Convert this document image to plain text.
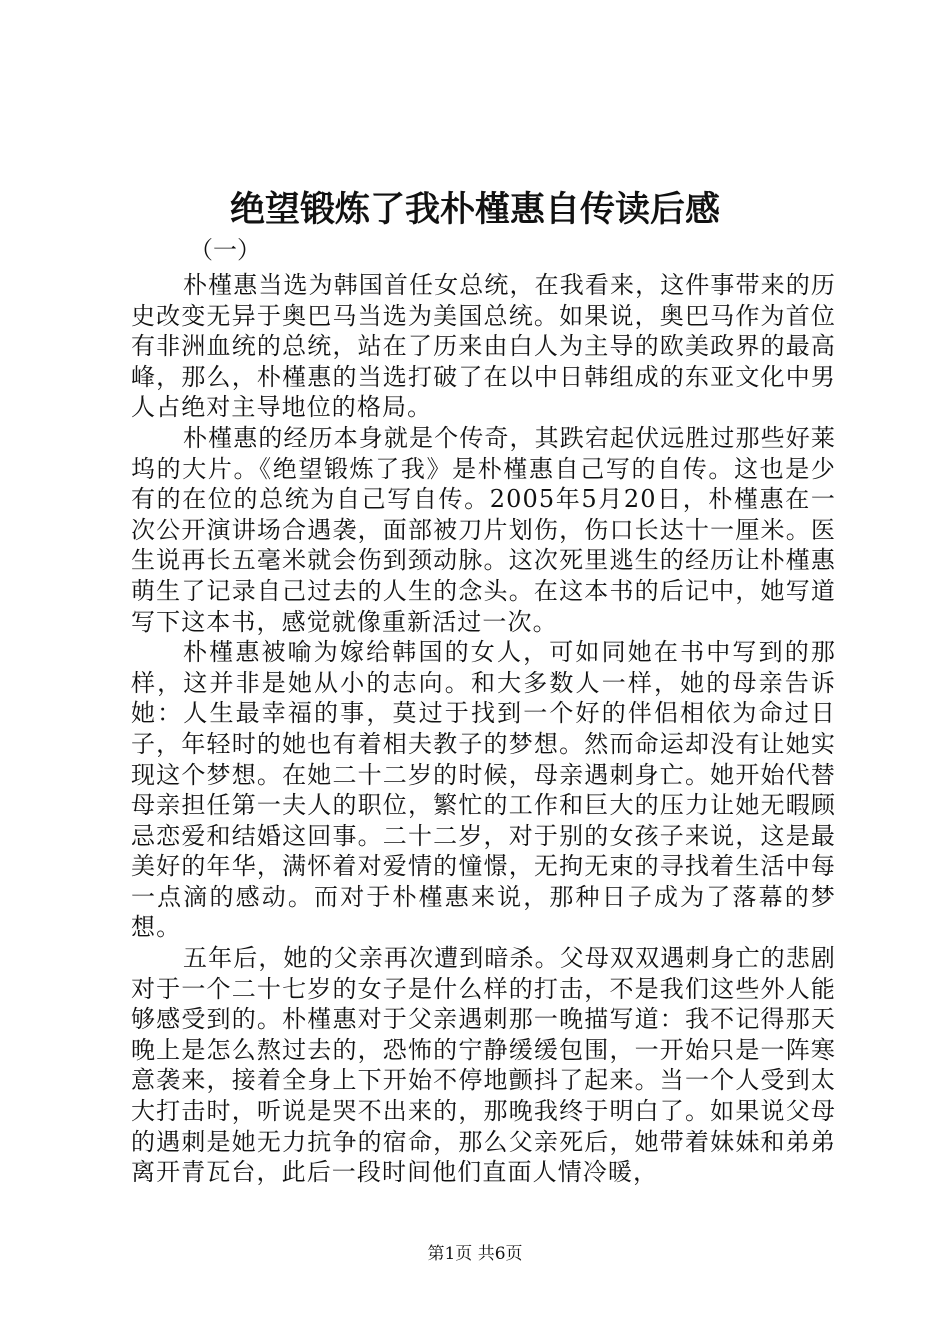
绝望锻炼了我朴槿惠自传读后感
（一）

朴槿惠当选为韩国首任女总统，在我看来，这件事带来的历史改变无异于奥巴马当选为美国总统。如果说，奥巴马作为首位有非洲血统的总统，站在了历来由白人为主导的欧美政界的最高峰，那么，朴槿惠的当选打破了在以中日韩组成的东亚文化中男人占绝对主导地位的格局。

朴槿惠的经历本身就是个传奇，其跌宕起伏远胜过那些好莱坞的大片。《绝望锻炼了我》是朴槿惠自己写的自传。这也是少有的在位的总统为自己写自传。2005年5月20日，朴槿惠在一次公开演讲场合遇袭，面部被刀片划伤，伤口长达十一厘米。医生说再长五毫米就会伤到颈动脉。这次死里逃生的经历让朴槿惠萌生了记录自己过去的人生的念头。在这本书的后记中，她写道写下这本书，感觉就像重新活过一次。

朴槿惠被喻为嫁给韩国的女人，可如同她在书中写到的那样，这并非是她从小的志向。和大多数人一样，她的母亲告诉她：人生最幸福的事，莫过于找到一个好的伴侣相依为命过日子，年轻时的她也有着相夫教子的梦想。然而命运却没有让她实现这个梦想。在她二十二岁的时候，母亲遇刺身亡。她开始代替母亲担任第一夫人的职位，繁忙的工作和巨大的压力让她无暇顾忌恋爱和结婚这回事。二十二岁，对于别的女孩子来说，这是最美好的年华，满怀着对爱情的憧憬，无拘无束的寻找着生活中每一点滴的感动。而对于朴槿惠来说，那种日子成为了落幕的梦想。

五年后，她的父亲再次遭到暗杀。父母双双遇刺身亡的悲剧对于一个二十七岁的女子是什么样的打击，不是我们这些外人能够感受到的。朴槿惠对于父亲遇刺那一晚描写道：我不记得那天晚上是怎么熬过去的，恐怖的宁静缓缓包围，一开始只是一阵寒意袭来，接着全身上下开始不停地颤抖了起来。当一个人受到太大打击时，听说是哭不出来的，那晚我终于明白了。如果说父母的遇刺是她无力抗争的宿命，那么父亲死后，她带着妹妹和弟弟离开青瓦台，此后一段时间他们直面人情冷暖，

第1页 共6页
